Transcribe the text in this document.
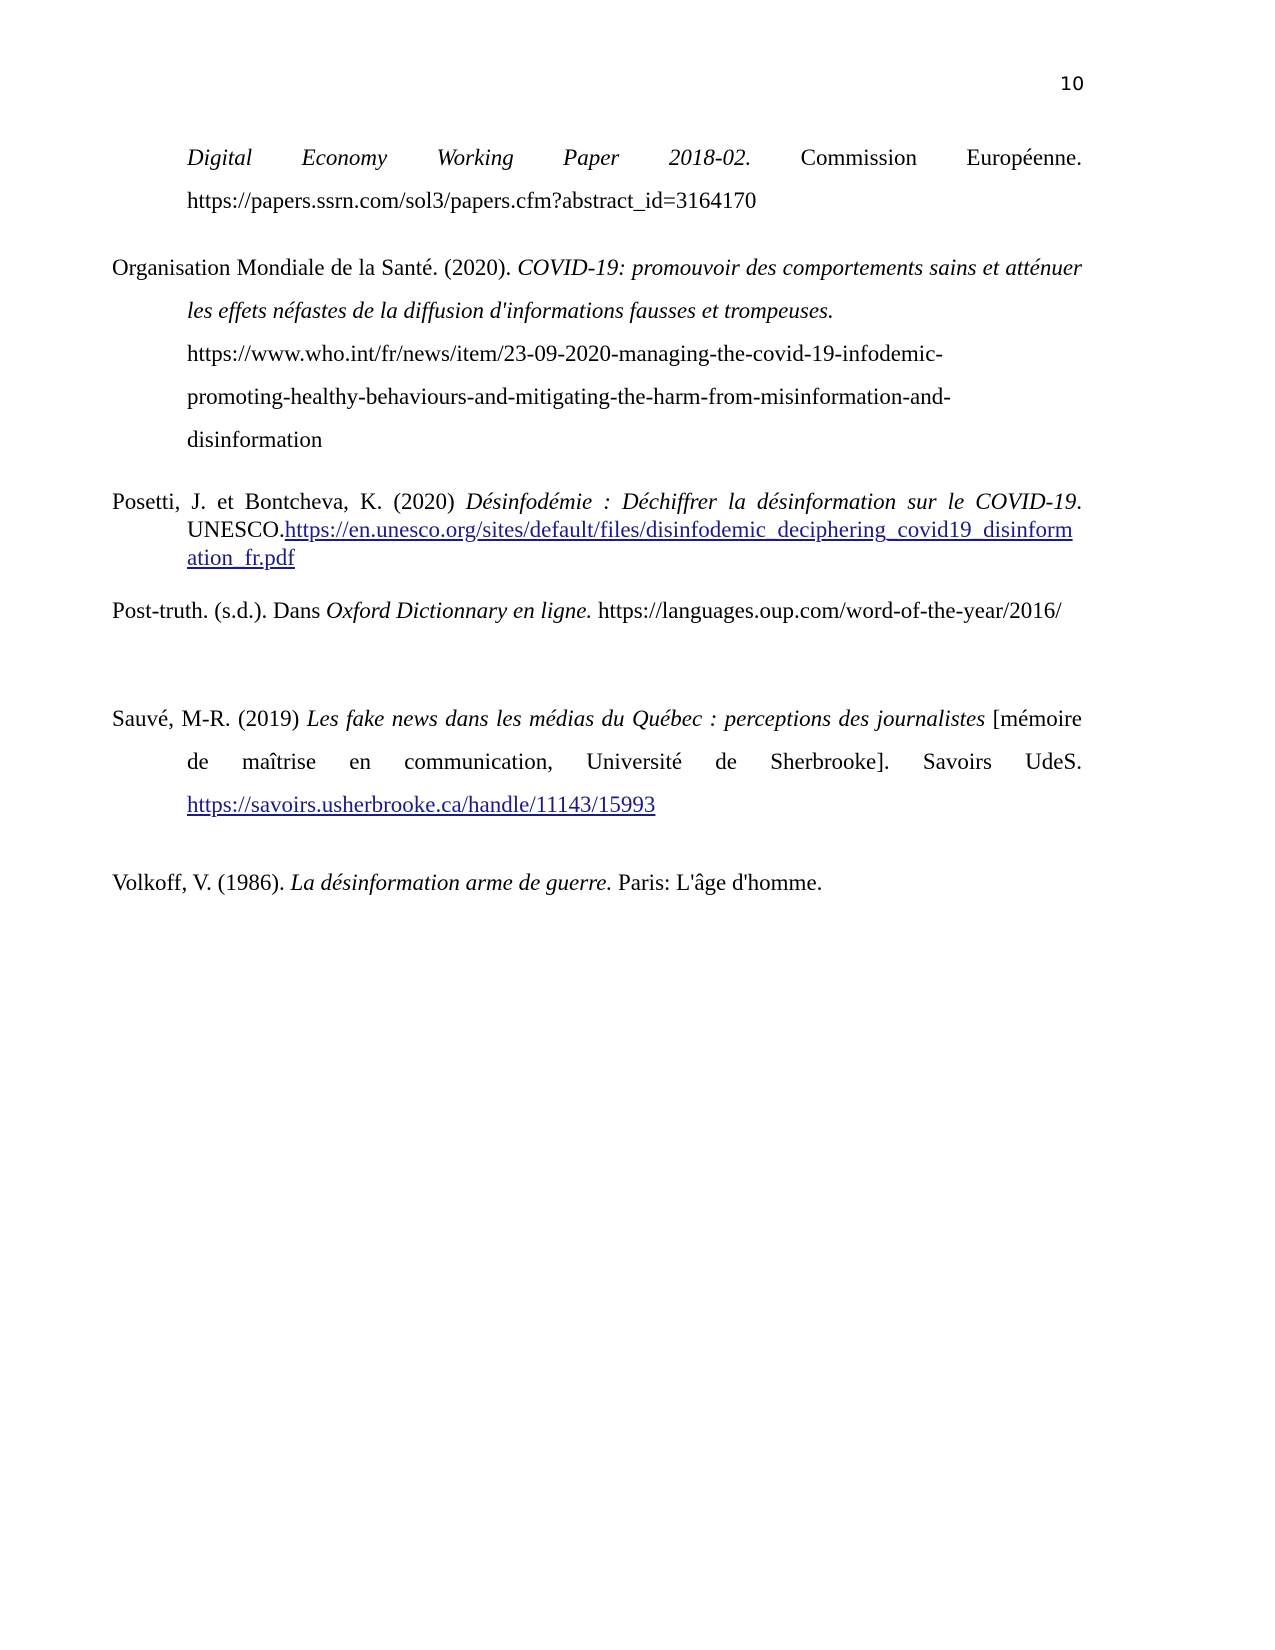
10
Digital Economy Working Paper 2018-02. Commission Européenne. https://papers.ssrn.com/sol3/papers.cfm?abstract_id=3164170
Organisation Mondiale de la Santé. (2020). COVID-19: promouvoir des comportements sains et atténuer les effets néfastes de la diffusion d'informations fausses et trompeuses.
https://www.who.int/fr/news/item/23-09-2020-managing-the-covid-19-infodemic-
promoting-healthy-behaviours-and-mitigating-the-harm-from-misinformation-and-
disinformation
Posetti, J. et Bontcheva, K. (2020) Désinfodémie : Déchiffrer la désinformation sur le COVID-19. UNESCO.https://en.unesco.org/sites/default/files/disinfodemic_deciphering_covid19_disinformation_fr.pdf
Post-truth. (s.d.). Dans Oxford Dictionnary en ligne. https://languages.oup.com/word-of-the-year/2016/
Sauvé, M-R. (2019) Les fake news dans les médias du Québec : perceptions des journalistes [mémoire de maîtrise en communication, Université de Sherbrooke]. Savoirs UdeS. https://savoirs.usherbrooke.ca/handle/11143/15993
Volkoff, V. (1986). La désinformation arme de guerre. Paris: L'âge d'homme.
